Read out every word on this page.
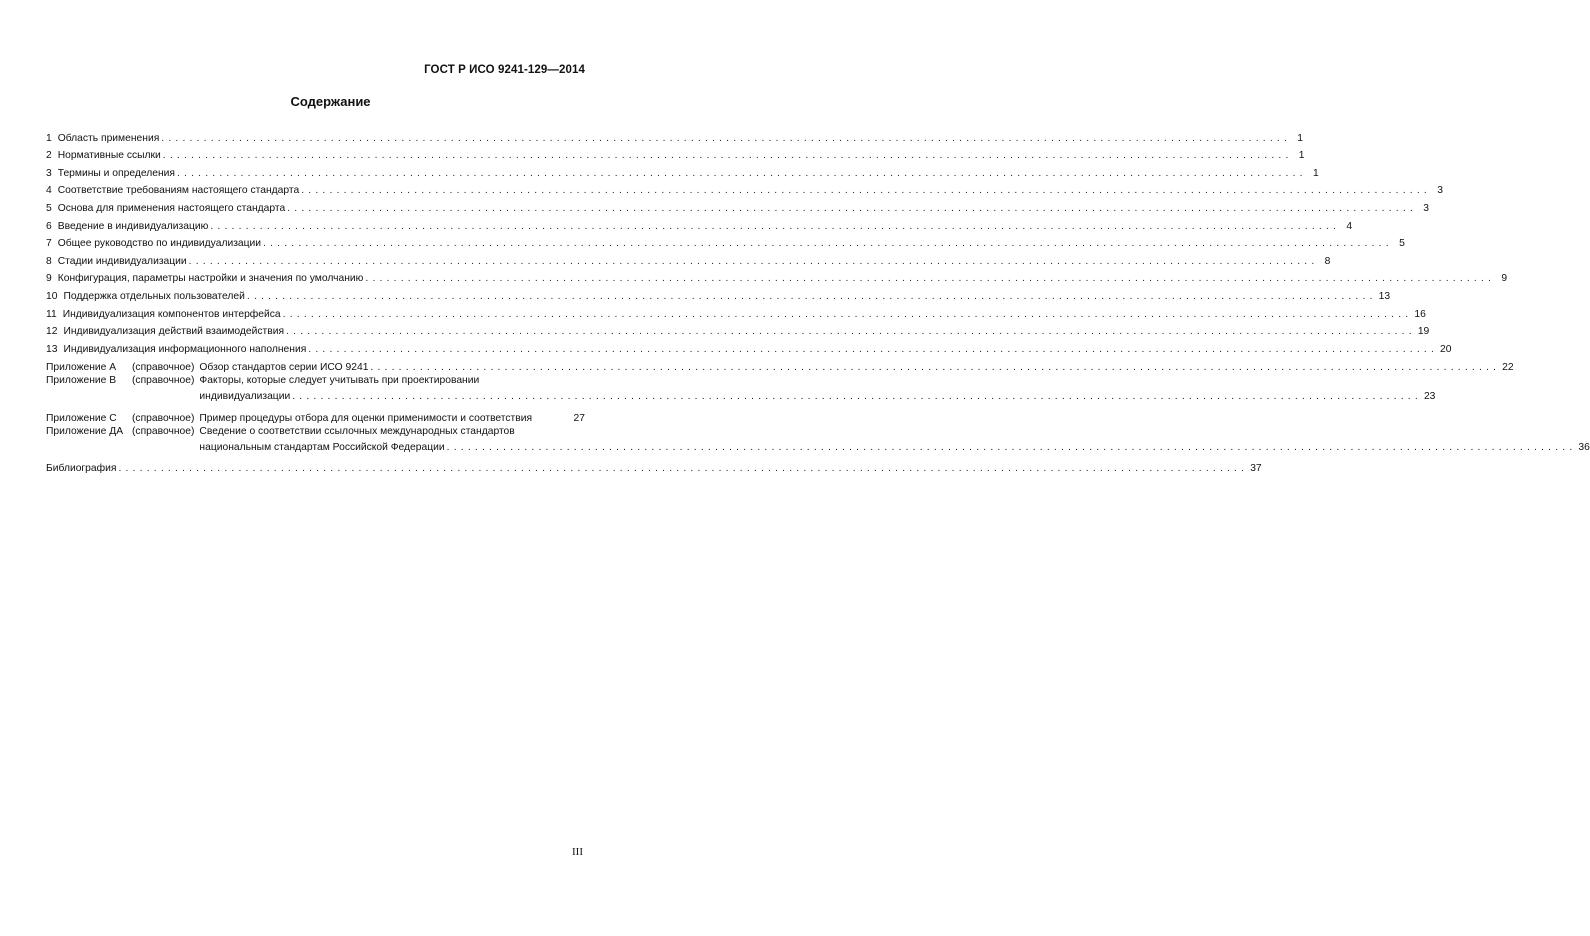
ГОСТ Р ИСО 9241-129—2014
Содержание
1 Область применения ................................................................................................................................................................ 1
2 Нормативные ссылки ................................................................................................................................................................ 1
3 Термины и определения ................................................................................................................................................................ 1
4 Соответствие требованиям настоящего стандарта ................................................................................................................................................................ 3
5 Основа для применения настоящего стандарта ................................................................................................................................................................ 3
6 Введение в индивидуализацию ................................................................................................................................................................ 4
7 Общее руководство по индивидуализации ................................................................................................................................................................ 5
8 Стадии индивидуализации ................................................................................................................................................................ 8
9 Конфигурация, параметры настройки и значения по умолчанию ................................................................................................................................................................ 9
10 Поддержка отдельных пользователей ................................................................................................................................................................ 13
11 Индивидуализация компонентов интерфейса ................................................................................................................................................................ 16
12 Индивидуализация действий взаимодействия ................................................................................................................................................................ 19
13 Индивидуализация информационного наполнения ................................................................................................................................................................ 20
Приложение А	(справочное) Обзор стандартов серии ИСО 9241 ................................................................................................................................................................ 22
Приложение В	(справочное) Факторы, которые следует учитывать при проектировании
индивидуализации ................................................................................................................................................................ 23
Приложение С	(справочное) Пример процедуры отбора для оценки применимости и соответствия	27
Приложение ДА (справочное) Сведение о соответствии ссылочных международных стандартов
национальным стандартам Российской Федерации ................................................................................................................................................................ 36
Библиография ................................................................................................................................................................ 37
III
